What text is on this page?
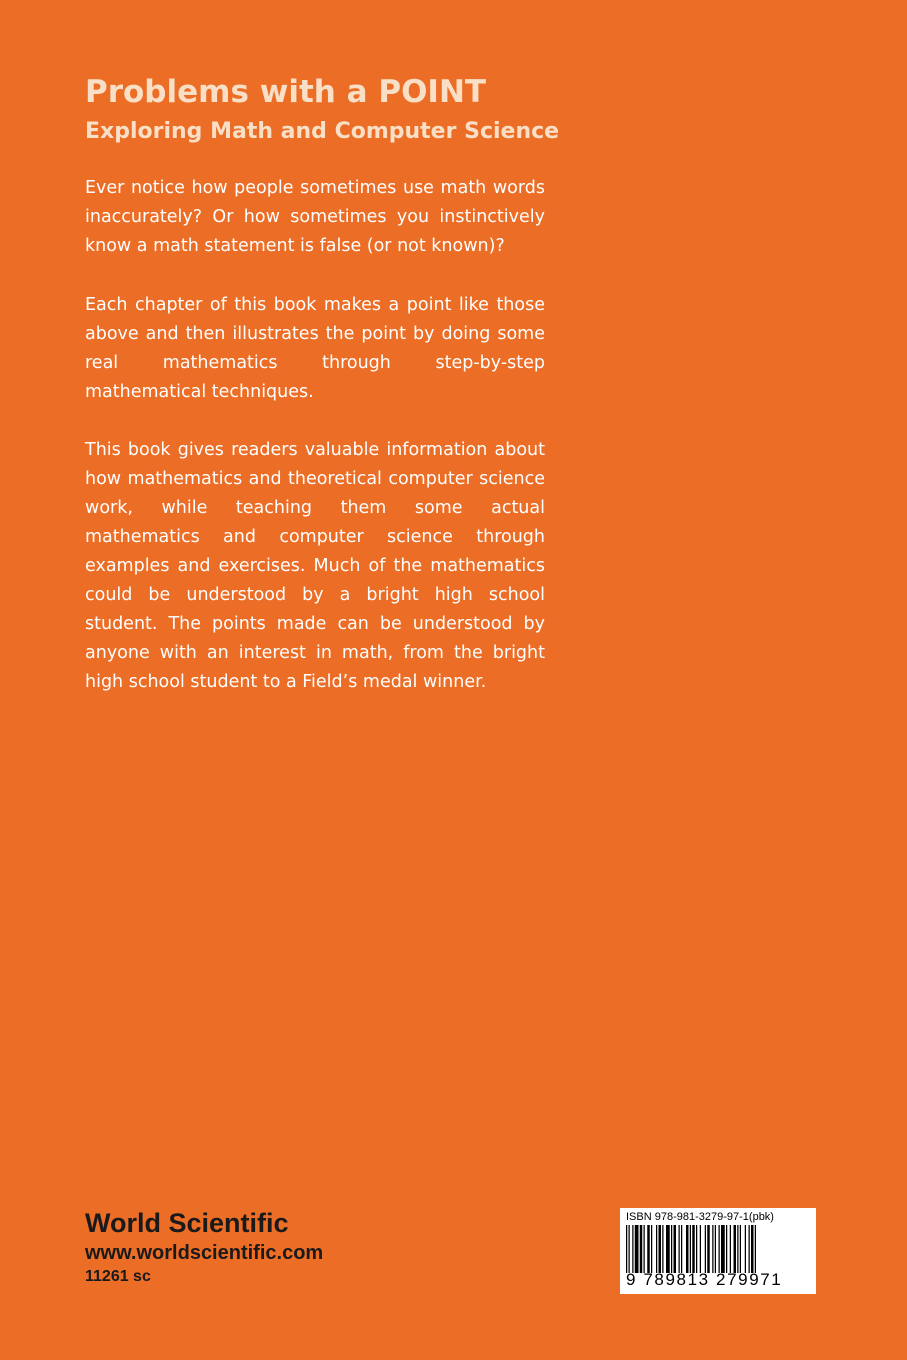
Problems with a POINT
Exploring Math and Computer Science

Ever notice how people sometimes use math words inaccurately? Or how sometimes you instinctively know a math statement is false (or not known)?

Each chapter of this book makes a point like those above and then illustrates the point by doing some real mathematics through step-by-step mathematical techniques.

This book gives readers valuable information about how mathematics and theoretical computer science work, while teaching them some actual mathematics and computer science through examples and exercises. Much of the mathematics could be understood by a bright high school student. The points made can be understood by anyone with an interest in math, from the bright high school student to a Field’s medal winner.

World Scientific
www.worldscientific.com
11261 sc
ISBN 978-981-3279-97-1(pbk)
9 789813 279971
